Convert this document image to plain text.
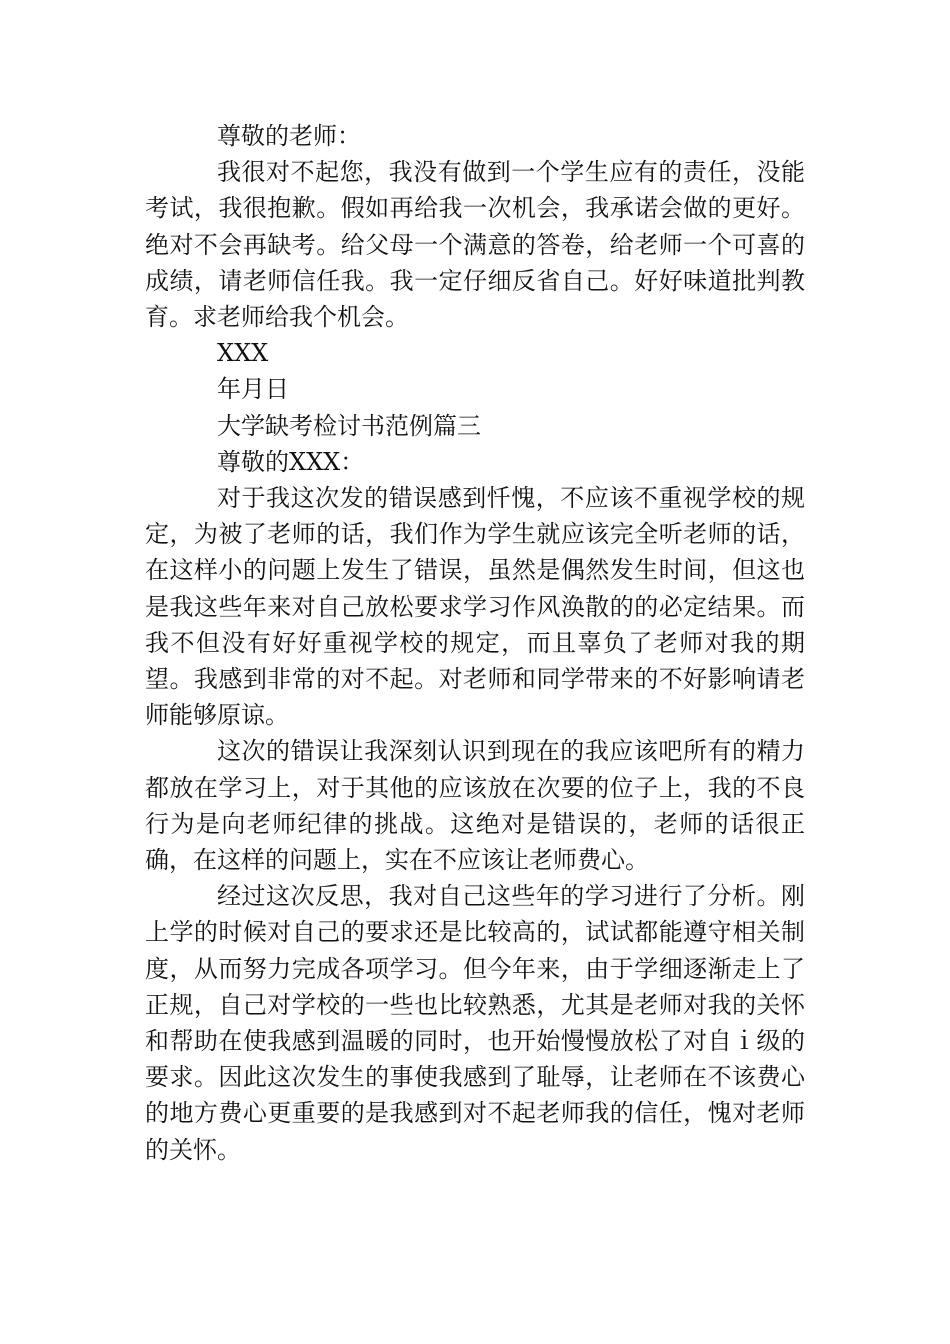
尊敬的老师：

我很对不起您，我没有做到一个学生应有的责任，没能考试，我很抱歉。假如再给我一次机会，我承诺会做的更好。绝对不会再缺考。给父母一个满意的答卷，给老师一个可喜的成绩，请老师信任我。我一定仔细反省自己。好好味道批判教育。求老师给我个机会。

XXX

年月日

大学缺考检讨书范例篇三

尊敬的XXX：

对于我这次发的错误感到忏愧，不应该不重视学校的规定，为被了老师的话，我们作为学生就应该完全听老师的话，在这样小的问题上发生了错误，虽然是偶然发生时间，但这也是我这些年来对自己放松要求学习作风涣散的的必定结果。而我不但没有好好重视学校的规定，而且辜负了老师对我的期望。我感到非常的对不起。对老师和同学带来的不好影响请老师能够原谅。

这次的错误让我深刻认识到现在的我应该吧所有的精力都放在学习上，对于其他的应该放在次要的位子上，我的不良行为是向老师纪律的挑战。这绝对是错误的，老师的话很正确，在这样的问题上，实在不应该让老师费心。

经过这次反思，我对自己这些年的学习进行了分析。刚上学的时候对自己的要求还是比较高的，试试都能遵守相关制度，从而努力完成各项学习。但今年来，由于学细逐渐走上了正规，自己对学校的一些也比较熟悉，尤其是老师对我的关怀和帮助在使我感到温暖的同时，也开始慢慢放松了对自ｉ级的要求。因此这次发生的事使我感到了耻辱，让老师在不该费心的地方费心更重要的是我感到对不起老师我的信任，愧对老师的关怀。
